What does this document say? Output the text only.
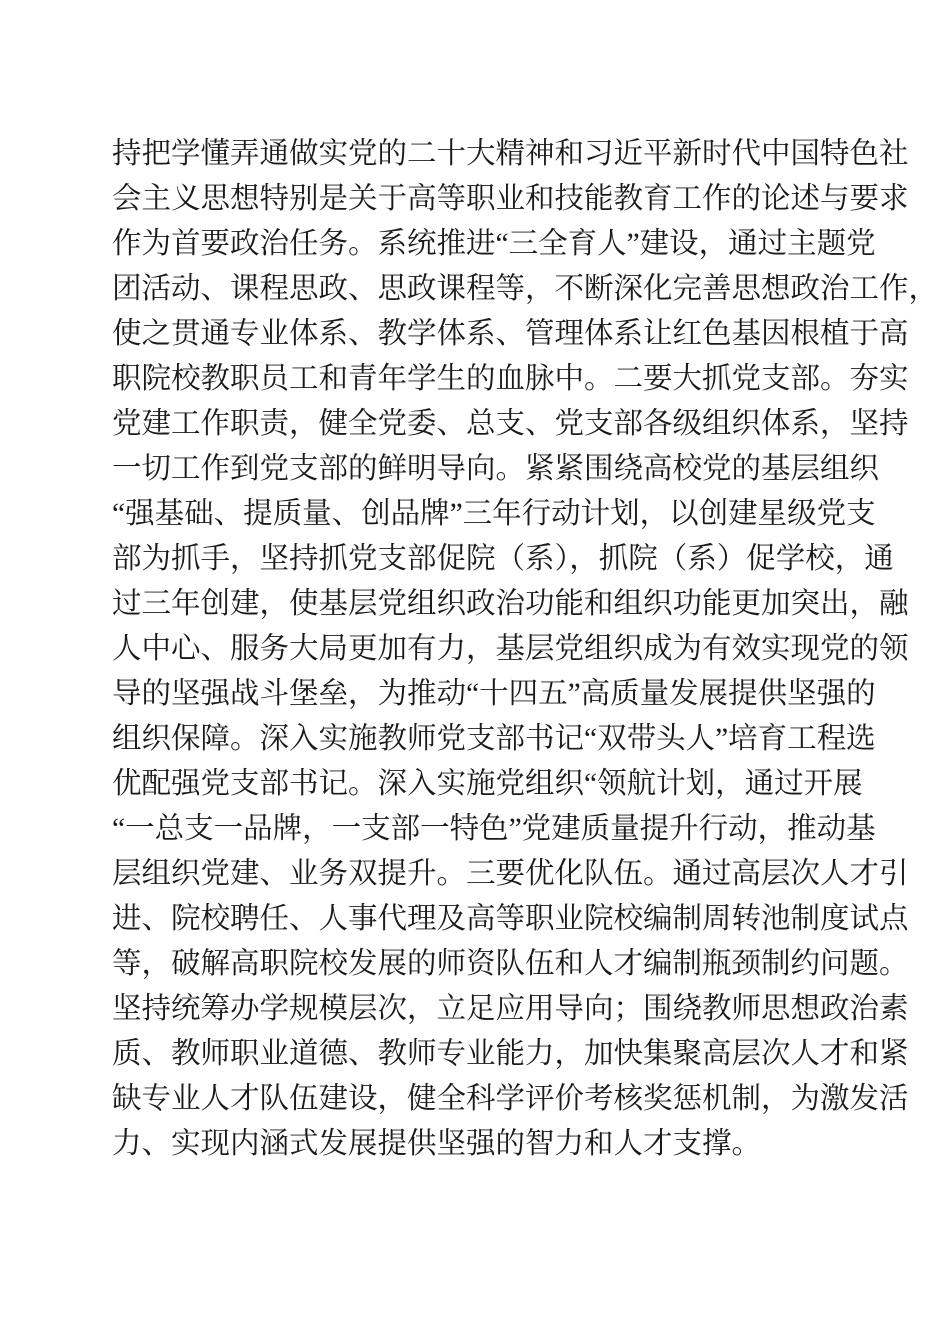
持把学懂弄通做实党的二十大精神和习近平新时代中国特色社
会主义思想特别是关于高等职业和技能教育工作的论述与要求
作为首要政治任务。系统推进“三全育人”建设，通过主题党
团活动、课程思政、思政课程等，不断深化完善思想政治工作，
使之贯通专业体系、教学体系、管理体系让红色基因根植于高
职院校教职员工和青年学生的血脉中。二要大抓党支部。夯实
党建工作职责，健全党委、总支、党支部各级组织体系，坚持
一切工作到党支部的鲜明导向。紧紧围绕高校党的基层组织
“强基础、提质量、创品牌”三年行动计划，以创建星级党支
部为抓手，坚持抓党支部促院（系），抓院（系）促学校，通
过三年创建，使基层党组织政治功能和组织功能更加突出，融
人中心、服务大局更加有力，基层党组织成为有效实现党的领
导的坚强战斗堡垒，为推动“十四五”高质量发展提供坚强的
组织保障。深入实施教师党支部书记“双带头人”培育工程选
优配强党支部书记。深入实施党组织“领航计划，通过开展
“一总支一品牌，一支部一特色”党建质量提升行动，推动基
层组织党建、业务双提升。三要优化队伍。通过高层次人才引
进、院校聘任、人事代理及高等职业院校编制周转池制度试点
等，破解高职院校发展的师资队伍和人才编制瓶颈制约问题。
坚持统筹办学规模层次，立足应用导向；围绕教师思想政治素
质、教师职业道德、教师专业能力，加快集聚高层次人才和紧
缺专业人才队伍建设，健全科学评价考核奖惩机制，为激发活
力、实现内涵式发展提供坚强的智力和人才支撑。
